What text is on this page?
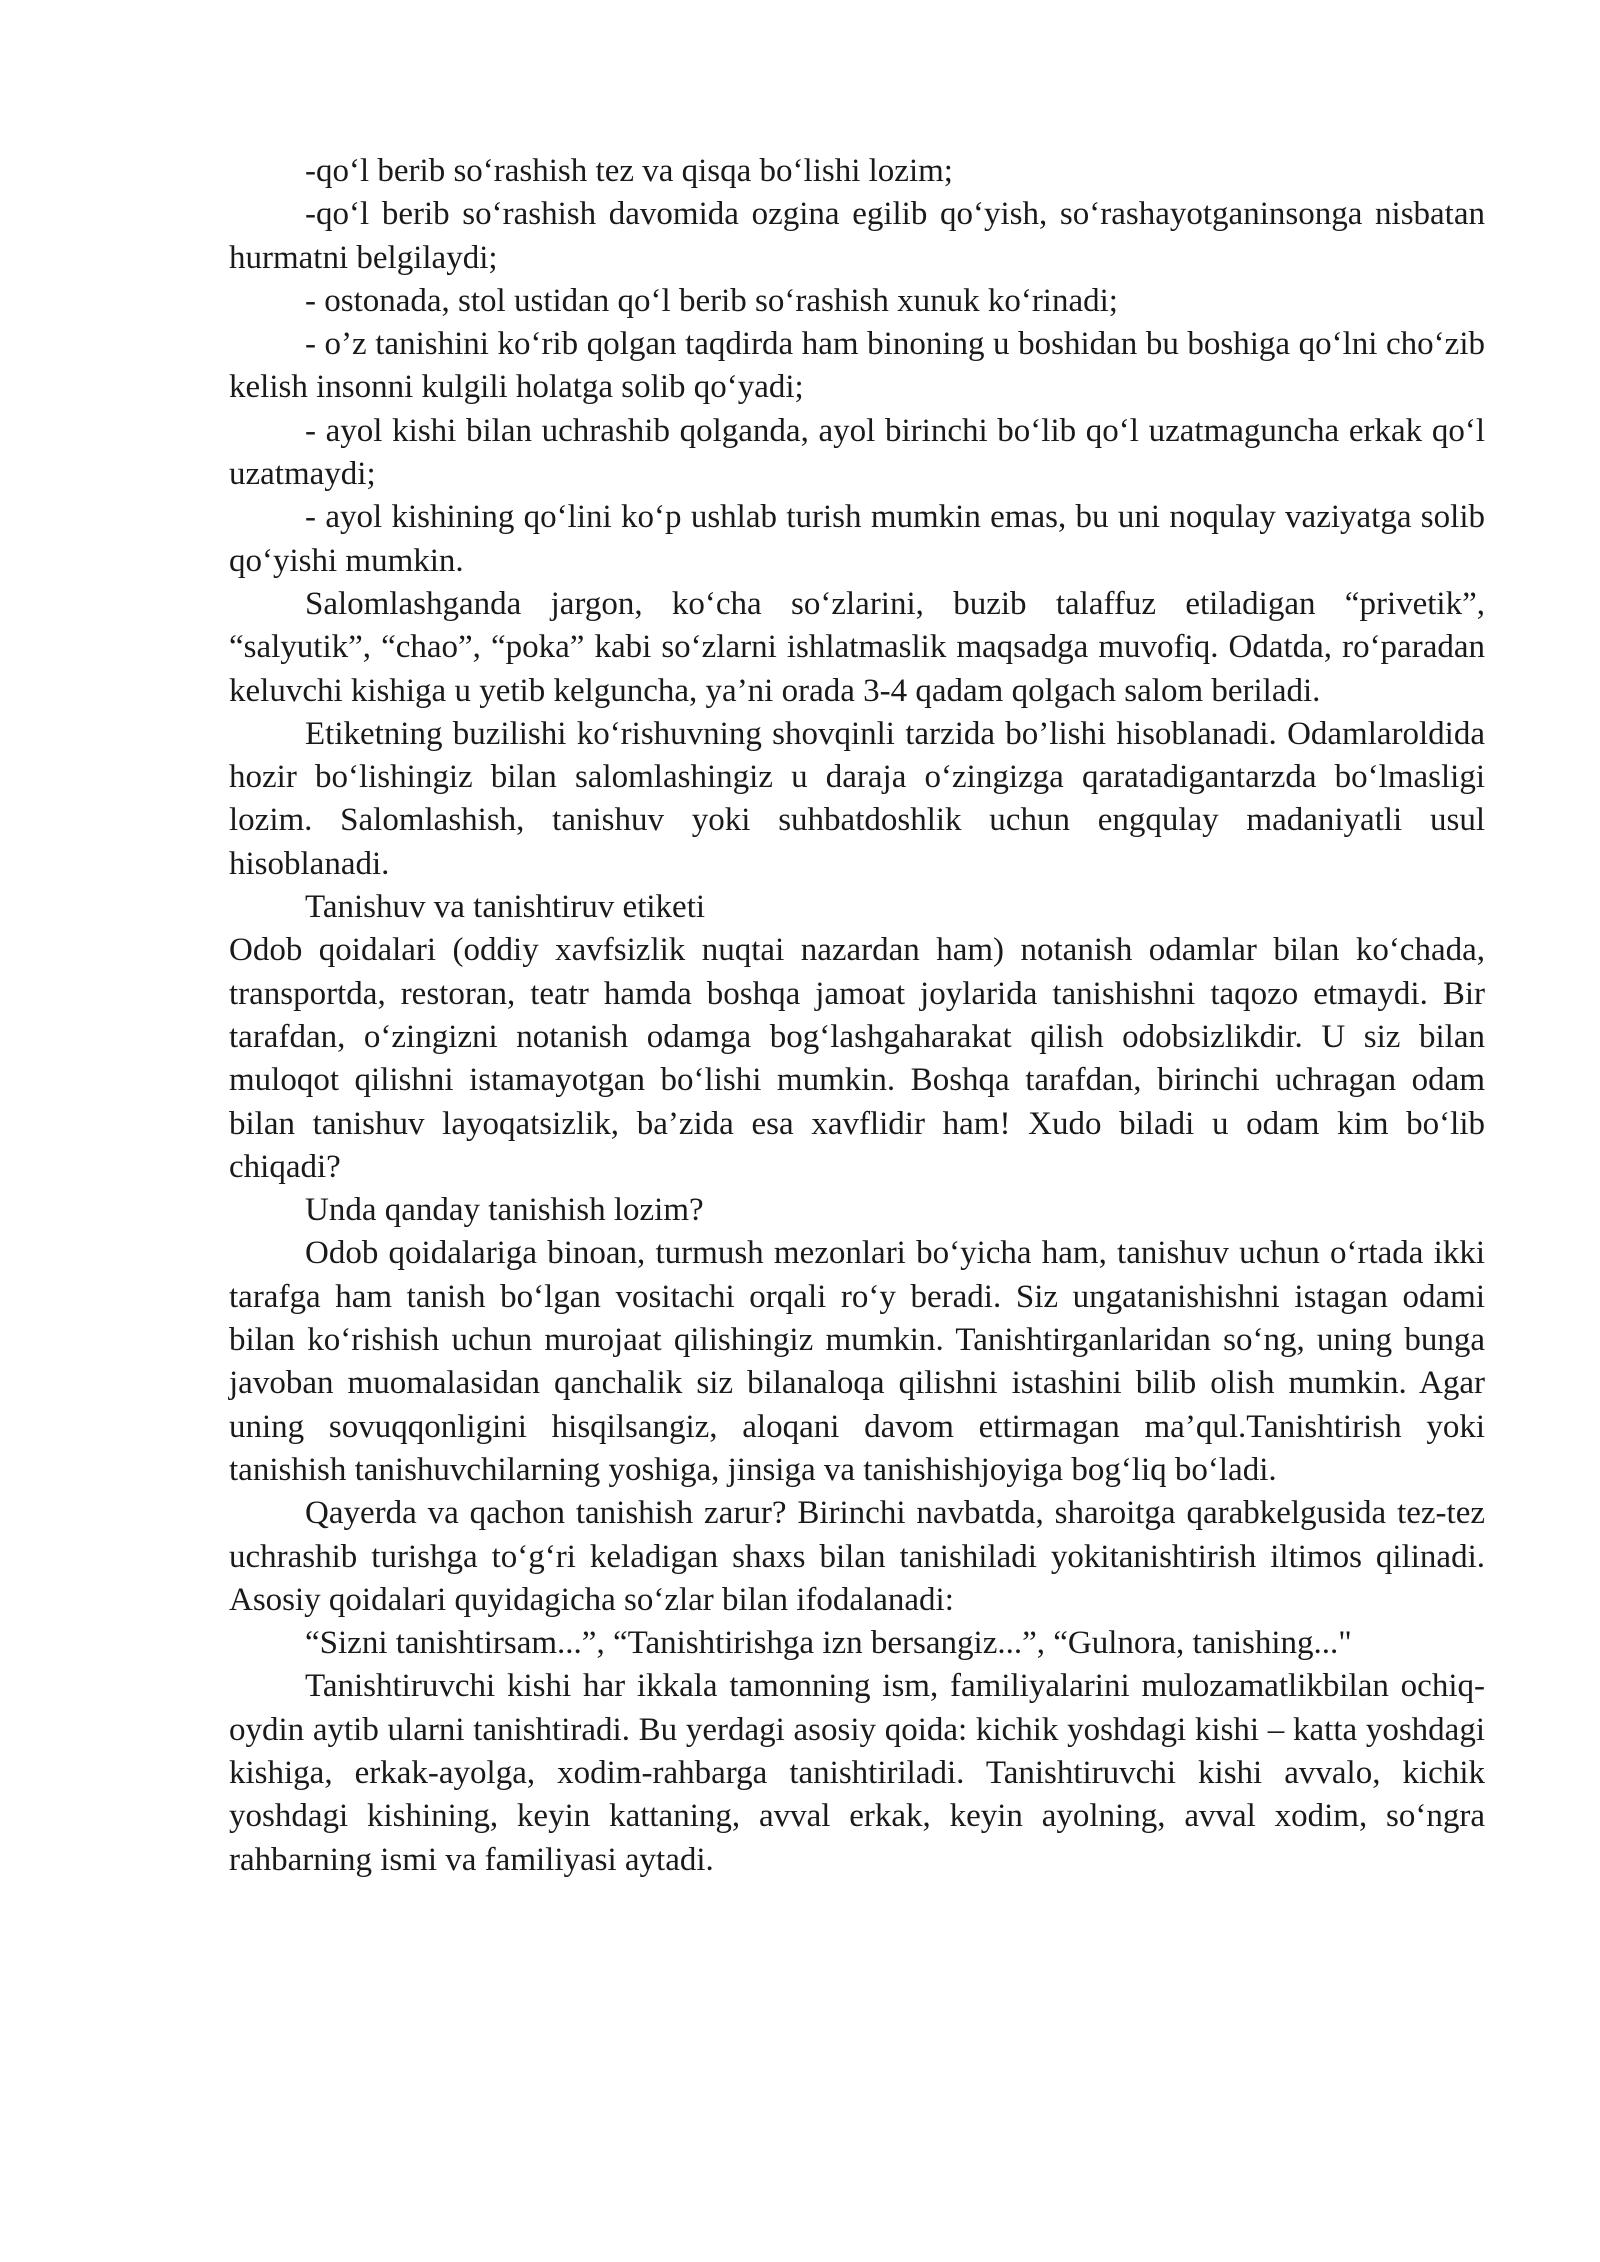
-qo‘l berib so‘rashish tez va qisqa bo‘lishi lozim;

-qo‘l berib so‘rashish davomida ozgina egilib qo‘yish, so‘rashayotganinsonga nisbatan hurmatni belgilaydi;

- ostonada, stol ustidan qo‘l berib so‘rashish xunuk ko‘rinadi;

- o’z tanishini ko‘rib qolgan taqdirda ham binoning u boshidan bu boshiga qo‘lni cho‘zib kelish insonni kulgili holatga solib qo‘yadi;

- ayol kishi bilan uchrashib qolganda, ayol birinchi bo‘lib qo‘l uzatmaguncha erkak qo‘l uzatmaydi;

- ayol kishining qo‘lini ko‘p ushlab turish mumkin emas, bu uni noqulay vaziyatga solib qo‘yishi mumkin.

Salomlashganda jargon, ko‘cha so‘zlarini, buzib talaffuz etiladigan “privetik”, “salyutik”, “chao”, “poka” kabi so‘zlarni ishlatmaslik maqsadga muvofiq. Odatda, ro‘paradan keluvchi kishiga u yetib kelguncha, ya’ni orada 3-4 qadam qolgach salom beriladi.

Etiketning buzilishi ko‘rishuvning shovqinli tarzida bo’lishi hisoblanadi. Odamlaroldida hozir bo‘lishingiz bilan salomlashingiz u daraja o‘zingizga qaratadigantarzda bo‘lmasligi lozim. Salomlashish, tanishuv yoki suhbatdoshlik uchun engqulay madaniyatli usul hisoblanadi.

Tanishuv va tanishtiruv etiketi

Odob qoidalari (oddiy xavfsizlik nuqtai nazardan ham) notanish odamlar bilan ko‘chada, transportda, restoran, teatr hamda boshqa jamoat joylarida tanishishni taqozo etmaydi. Bir tarafdan, o‘zingizni notanish odamga bog‘lashgaharakat qilish odobsizlikdir. U siz bilan muloqot qilishni istamayotgan bo‘lishi mumkin. Boshqa tarafdan, birinchi uchragan odam bilan tanishuv layoqatsizlik, ba’zida esa xavflidir ham! Xudo biladi u odam kim bo‘lib chiqadi?

Unda qanday tanishish lozim?

Odob qoidalariga binoan, turmush mezonlari bo‘yicha ham, tanishuv uchun o‘rtada ikki tarafga ham tanish bo‘lgan vositachi orqali ro‘y beradi. Siz ungatanishishni istagan odami bilan ko‘rishish uchun murojaat qilishingiz mumkin. Tanishtirganlaridan so‘ng, uning bunga javoban muomalasidan qanchalik siz bilanaloqa qilishni istashini bilib olish mumkin. Agar uning sovuqqonligini hisqilsangiz, aloqani davom ettirmagan ma’qul.Tanishtirish yoki tanishish tanishuvchilarning yoshiga, jinsiga va tanishishjoyiga bog‘liq bo‘ladi.

Qayerda va qachon tanishish zarur? Birinchi navbatda, sharoitga qarabkelgusida tez-tez uchrashib turishga to‘g‘ri keladigan shaxs bilan tanishiladi yokitanishtirish iltimos qilinadi. Asosiy qoidalari quyidagicha so‘zlar bilan ifodalanadi:

“Sizni tanishtirsam...”, “Tanishtirishga izn bersangiz...”, “Gulnora, tanishing..."

Tanishtiruvchi kishi har ikkala tamonning ism, familiyalarini mulozamatlikbilan ochiq-oydin aytib ularni tanishtiradi. Bu yerdagi asosiy qoida: kichik yoshdagi kishi – katta yoshdagi kishiga, erkak-ayolga, xodim-rahbarga tanishtiriladi. Tanishtiruvchi kishi avvalo, kichik yoshdagi kishining, keyin kattaning, avval erkak, keyin ayolning, avval xodim, so‘ngra rahbarning ismi va familiyasi aytadi.
